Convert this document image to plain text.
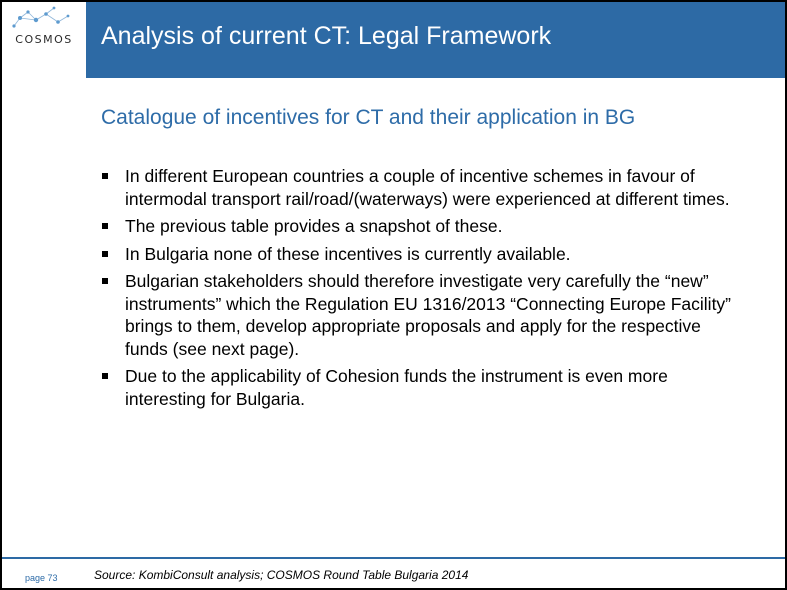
COSMOS	Analysis of current CT: Legal Framework
Catalogue of incentives for CT and their application in BG
In different European countries a couple of incentive schemes in favour of intermodal transport rail/road/(waterways) were experienced at different times.
The previous table provides a snapshot of these.
In Bulgaria none of these incentives is currently available.
Bulgarian stakeholders should therefore investigate very carefully the “new” instruments” which the Regulation EU 1316/2013 “Connecting Europe Facility” brings to them, develop appropriate proposals and apply for the respective funds (see next page).
Due to the applicability of Cohesion funds the instrument is even more interesting for Bulgaria.
page 73	Source: KombiConsult analysis; COSMOS Round Table Bulgaria 2014
